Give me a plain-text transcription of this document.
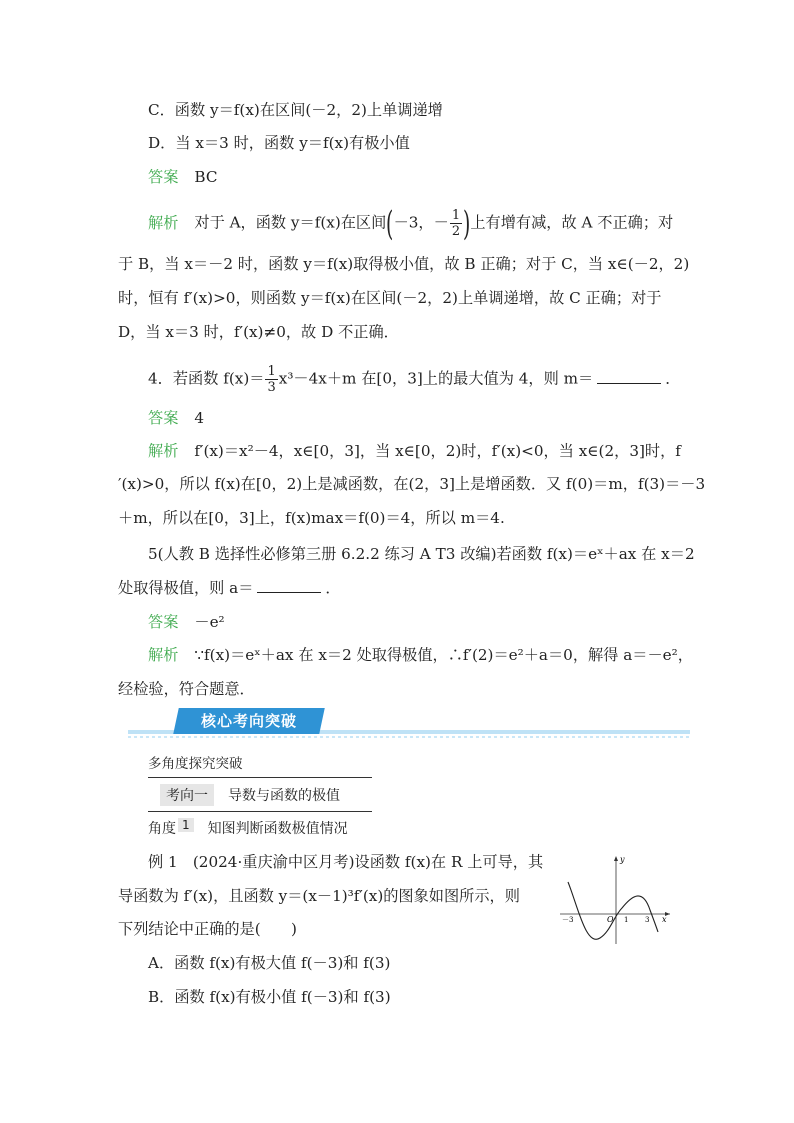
C．函数 y＝f(x)在区间(－2，2)上单调递增
D．当 x＝3 时，函数 y＝f(x)有极小值
答案 BC
解析 对于 A，函数 y＝f(x)在区间(－3，－ $\frac{1}{2}$ )上有增有减，故 A 不正确；对
于 B，当 x＝－2 时，函数 y＝f(x)取得极小值，故 B 正确；对于 C，当 x∈(－2，2)
时，恒有 f′(x)>0，则函数 y＝f(x)在区间(－2，2)上单调递增，故 C 正确；对于
D，当 x＝3 时，f′(x)≠0，故 D 不正确．
4．若函数 $f(x)= \frac{1}{3} x^3-4x+m$ 在[0，3]上的最大值为 4，则 m＝	．
答案 4
解析 f′(x)＝x²－4，x∈[0，3]，当 x∈[0，2)时，f′(x)<0，当 x∈(2，3]时，f
′(x)>0，所以 f(x)在[0，2)上是减函数，在(2，3]上是增函数．又 f(0)＝m，f(3)＝－3
＋m，所以在[0，3]上，f(x)max＝f(0)＝4，所以 m＝4.
5(人教 B 选择性必修第三册 6.2.2 练习 A T3 改编)若函数 f(x)＝eˣ＋ax 在 x＝2
处取得极值，则 a＝	．
答案 －e²
解析 ∵f(x)＝eˣ＋ax 在 x＝2 处取得极值，∴f′(2)＝e²＋a＝0，解得 a＝－e²，
经检验，符合题意．
核心考向突破
多角度探究突破
考向一 导数与函数的极值
角度 1 知图判断函数极值情况
例 1　(2024·重庆渝中区月考)设函数 f(x)在 R 上可导，其
导函数为 f′(x)，且函数 y＝(x－1)³f′(x)的图象如图所示，则
下列结论中正确的是(　　)
A．函数 f(x)有极大值 f(－3)和 f(3)
B．函数 f(x)有极小值 f(－3)和 f(3)
y
x
O
－3	1 3
